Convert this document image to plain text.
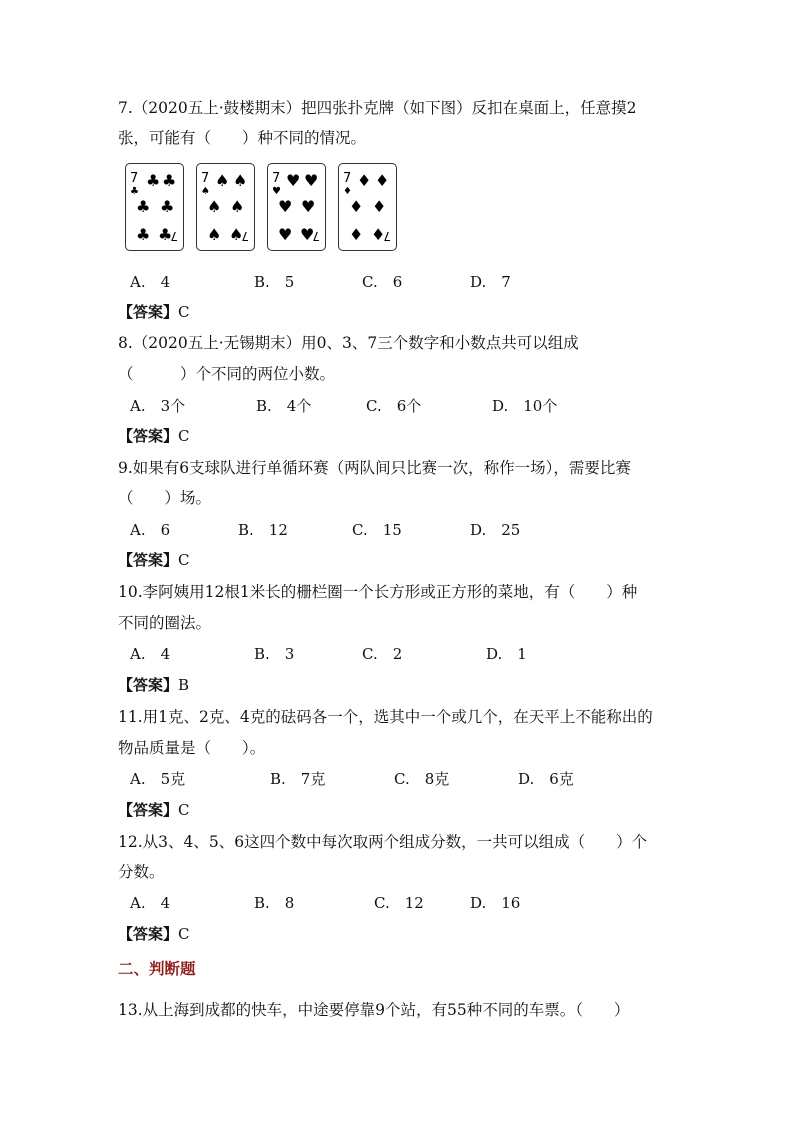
7.（2020五上·鼓楼期末）把四张扑克牌（如下图）反扣在桌面上，任意摸2
张，可能有（　　）种不同的情况。
7
♣
♣ ♣
♣ ♣
♣ ♣
7
7
♠
♠ ♠
♠ ♠
♠ ♠
7
7
♥
♥ ♥
♥ ♥
♥ ♥
7
7
♦
♦ ♦
♦ ♦
♦ ♦
7
A.　4	B.　5	C.　6	D.　7
【答案】C
8.（2020五上·无锡期末）用0、3、7三个数字和小数点共可以组成
（　　　）个不同的两位小数。
A.　3个	B.　4个	C.　6个	D.　10个
【答案】C
9.如果有6支球队进行单循环赛（两队间只比赛一次，称作一场），需要比赛
（　　）场。
A.　6	B.　12	C.　15	D.　25
【答案】C
10.李阿姨用12根1米长的栅栏圈一个长方形或正方形的菜地，有（　　）种
不同的圈法。
A.　4	B.　3	C.　2	D.　1
【答案】B
11.用1克、2克、4克的砝码各一个，选其中一个或几个，在天平上不能称出的
物品质量是（　　）。
A.　5克	B.　7克	C.　8克	D.　6克
【答案】C
12.从3、4、5、6这四个数中每次取两个组成分数，一共可以组成（　　）个
分数。
A.　4	B.　8	C.　12	D.　16
【答案】C
二、判断题
13.从上海到成都的快车，中途要停靠9个站，有55种不同的车票。（　　）
